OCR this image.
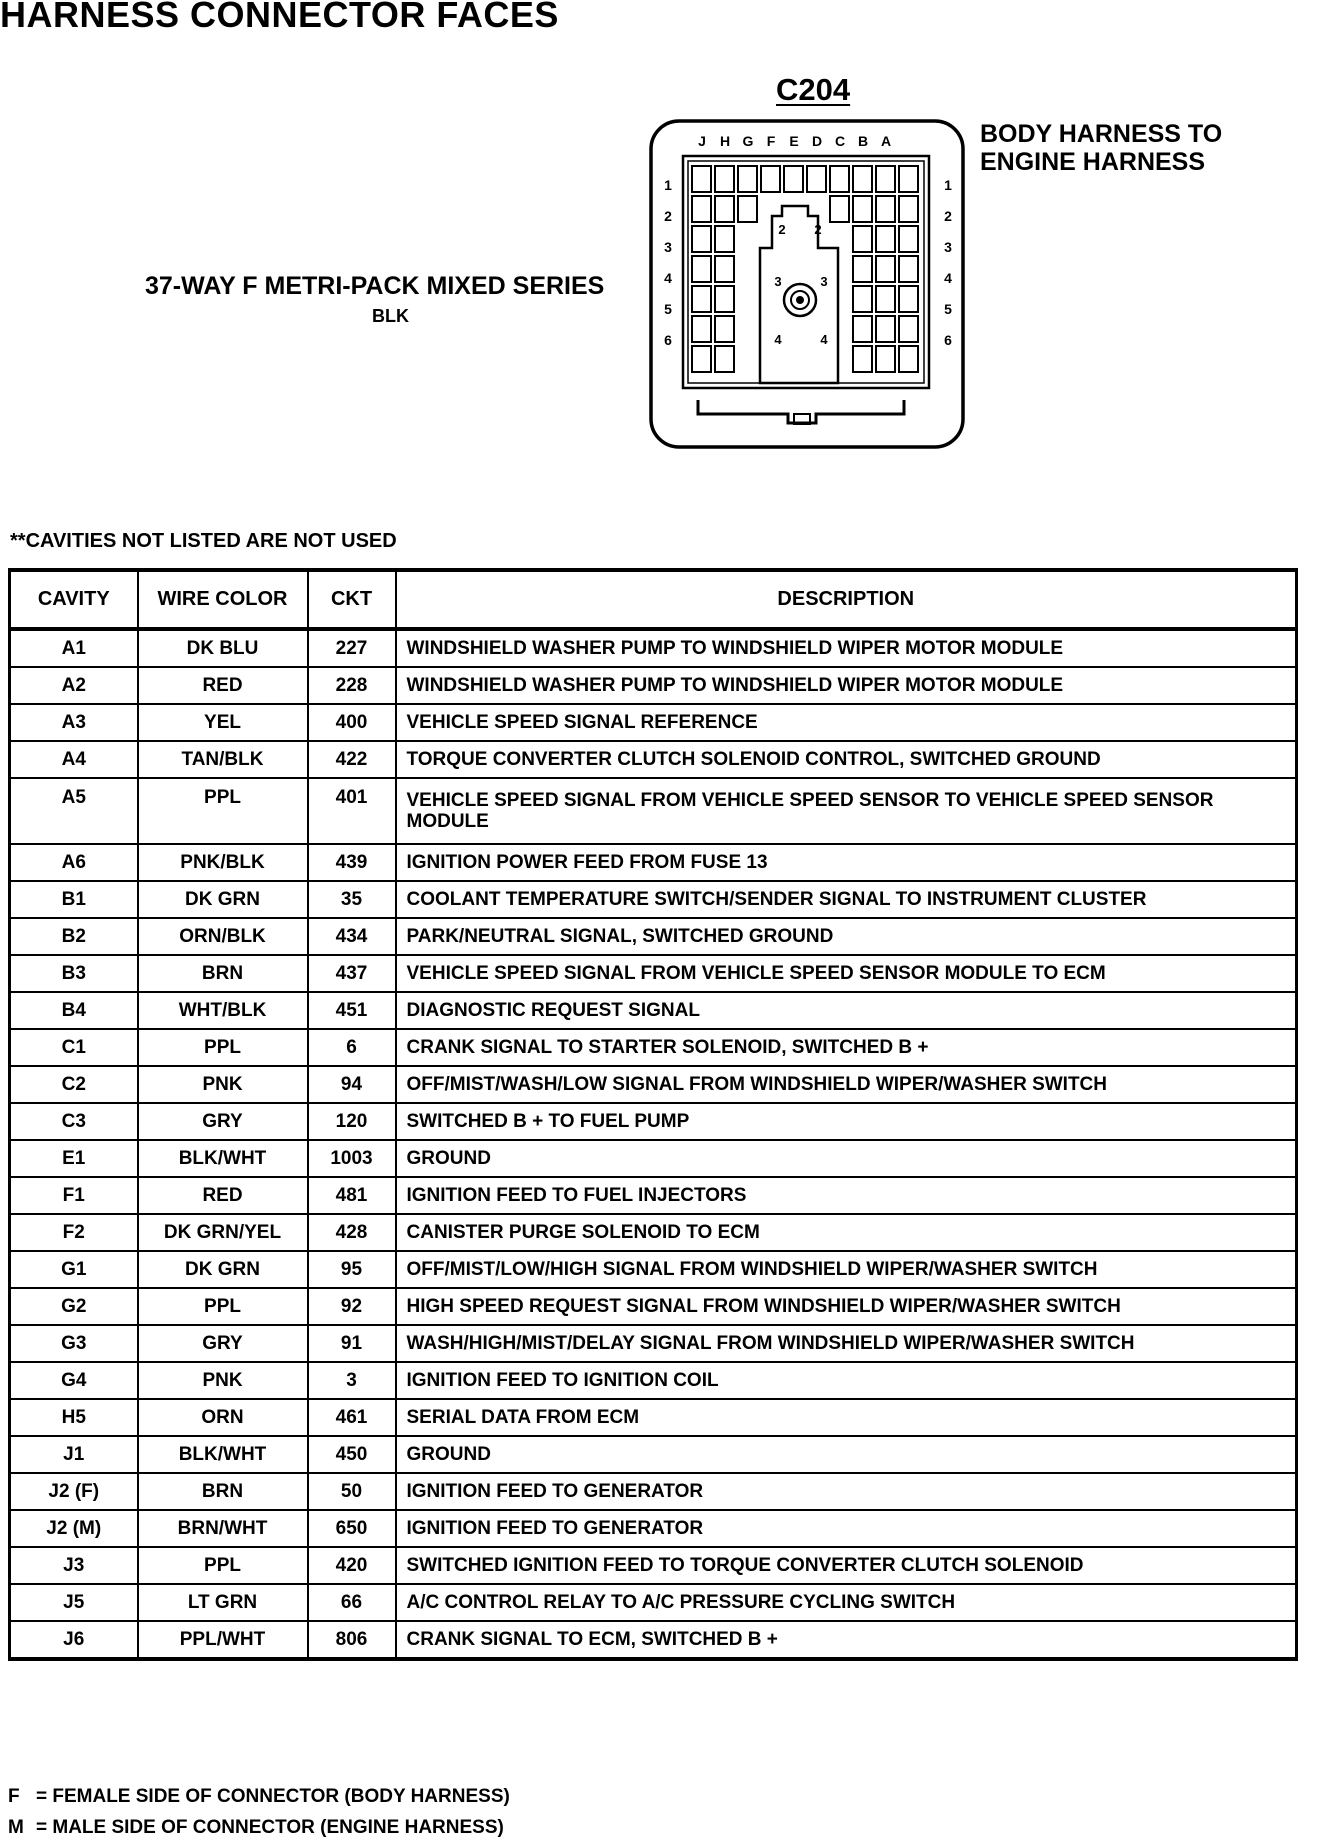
HARNESS CONNECTOR FACES
C204
BODY HARNESS TO
ENGINE HARNESS
37-WAY F METRI-PACK MIXED SERIES
BLK
J H G F E D C B A
1	1
2	2
3	3
4	4
5	5
6	6
2 2
3	3
4	4
**CAVITIES NOT LISTED ARE NOT USED
CAVITY	WIRE COLOR	CKT	DESCRIPTION
A1	DK BLU	227	WINDSHIELD WASHER PUMP TO WINDSHIELD WIPER MOTOR MODULE
A2	RED	228	WINDSHIELD WASHER PUMP TO WINDSHIELD WIPER MOTOR MODULE
A3	YEL	400	VEHICLE SPEED SIGNAL REFERENCE
A4	TAN/BLK	422	TORQUE CONVERTER CLUTCH SOLENOID CONTROL, SWITCHED GROUND
A5	PPL	401	VEHICLE SPEED SIGNAL FROM VEHICLE SPEED SENSOR TO VEHICLE SPEED SENSOR MODULE
A6	PNK/BLK	439	IGNITION POWER FEED FROM FUSE 13
B1	DK GRN	35	COOLANT TEMPERATURE SWITCH/SENDER SIGNAL TO INSTRUMENT CLUSTER
B2	ORN/BLK	434	PARK/NEUTRAL SIGNAL, SWITCHED GROUND
B3	BRN	437	VEHICLE SPEED SIGNAL FROM VEHICLE SPEED SENSOR MODULE TO ECM
B4	WHT/BLK	451	DIAGNOSTIC REQUEST SIGNAL
C1	PPL	6	CRANK SIGNAL TO STARTER SOLENOID, SWITCHED B +
C2	PNK	94	OFF/MIST/WASH/LOW SIGNAL FROM WINDSHIELD WIPER/WASHER SWITCH
C3	GRY	120	SWITCHED B + TO FUEL PUMP
E1	BLK/WHT	1003	GROUND
F1	RED	481	IGNITION FEED TO FUEL INJECTORS
F2	DK GRN/YEL	428	CANISTER PURGE SOLENOID TO ECM
G1	DK GRN	95	OFF/MIST/LOW/HIGH SIGNAL FROM WINDSHIELD WIPER/WASHER SWITCH
G2	PPL	92	HIGH SPEED REQUEST SIGNAL FROM WINDSHIELD WIPER/WASHER SWITCH
G3	GRY	91	WASH/HIGH/MIST/DELAY SIGNAL FROM WINDSHIELD WIPER/WASHER SWITCH
G4	PNK	3	IGNITION FEED TO IGNITION COIL
H5	ORN	461	SERIAL DATA FROM ECM
J1	BLK/WHT	450	GROUND
J2 (F)	BRN	50	IGNITION FEED TO GENERATOR
J2 (M)	BRN/WHT	650	IGNITION FEED TO GENERATOR
J3	PPL	420	SWITCHED IGNITION FEED TO TORQUE CONVERTER CLUTCH SOLENOID
J5	LT GRN	66	A/C CONTROL RELAY TO A/C PRESSURE CYCLING SWITCH
J6	PPL/WHT	806	CRANK SIGNAL TO ECM, SWITCHED B +
F = FEMALE SIDE OF CONNECTOR (BODY HARNESS)
M = MALE SIDE OF CONNECTOR (ENGINE HARNESS)
